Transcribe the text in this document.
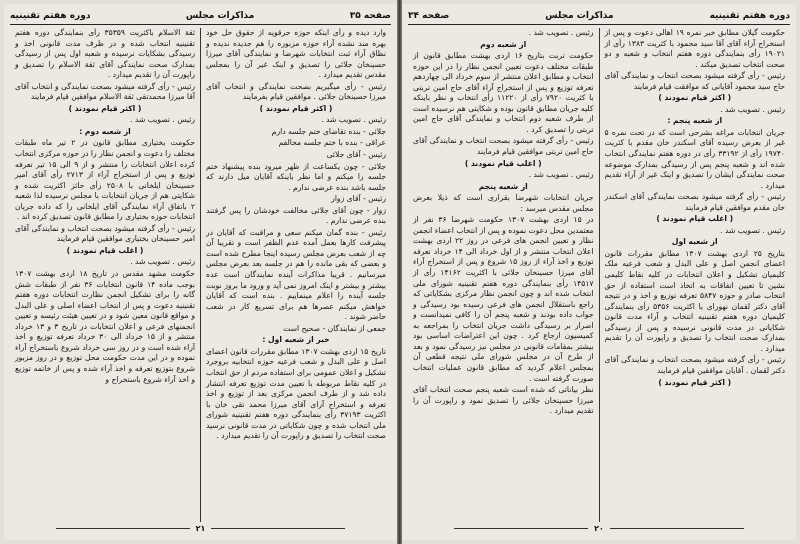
صفحه ۳۵
مذاکرات مجلس
دوره هفتم تقنينيه

وارد دیده و رأی اینکه حوزه جرقویه از حقوق حل خود بهره مند نشده آراء حوزه مزبوره را هم جدیده ندیده و نظاق آراء ثبت انتخابات شهرضا و نمایندگی آقای میرزا حسینخان جلائی را تصدیق و اینک غیر آن را بمجلس مقدس تقدیم میدارد .

رئیس - رأی میگیریم بصحت نمایندگی و انتخاب آقای میرزا حسینخان جلائی . موافقین قیام بفرمایند

( اکثر قیام نمودند )

رئیس . تصویب شد .

جلائی - بنده تقاضای ختم جلسه دارم

عراقی - بنده با ختم جلسه مخالفم

رئیس - آقای جلائی

جلائی - چون یکساعت از ظهر میرود بنده پیشنهاد ختم جلسه را میکنم و اما نظر باینکه آقایان میل دارند که جلسه باشد بنده عرضی ندارم .

رئیس - آقای زوار

زوار - چون آقای جلائی مخالفت خودشان را پس گرفتند بنده عرضی ندارم .

رئیس - بنده گمان میکنم سعی و مراقبت که آقایان در پیشرفت کارها بعمل آمده عدم الظفر است و تقریبا آن چه از شعب بعرض مجلس رسیده اینجا مطرح شده است و بعضی که بقی مانده را هم در جلسه بعد بعرض مجلس میرسانیم . قریبا مذاکرات آینده نمایندگان است عده بیشتر و بیشتر و اینک امروز نمی آید و ورود ما بروز نوبت جلسه آینده را اعلام مینماییم . بنده است که آقایان خواهش میکنم عصرها هم برای تسریع کار در شعب حاضر شوند .

جمعی از نمایندگان - صحیح است

خبر از شعبه اول :

تاریخ ۱۵ اردی بهشت ۱۳۰۷ مطابق مقررات قانون اعضای اصل و علی البدل و شعب فرعیه حوزه انتخابیه بروجرد تشکیل و اعلان عمومی برای استفاده مردم از حق انتخاب در کلیه نقاط مربوطه با تعیین مدت توزیع تعرفه انتشار داده شد و از طرف انجمن مرکزی بعد از توزیع و اخذ تعرفه و استخراج آرای آقای میرزا محمد تقی خان با اکثریت ۳۷۱۹۳ رأی بنمایندگی دوره هفتم تقنینیه شورای ملی انتخاب شده و چون شکایاتی در مدت قانونی نرسید صحت انتخاب را تصدیق و راپورت آن را تقدیم میدارد .

ثقة الاسلام باکثریت ۳۵۳۵۹ رأی بنمایندگی دوره هفتم تقنینیه انتخاب شده و در ظرف مدت قانونی اخذ و رسیدگی بشکایات نرسیده و شعبه اول پس از رسیدگی بمدارک صحت نمایندگی آقای ثقة الاسلام را تصدیق و راپورت آن را تقدیم میدارد .

رئیس - رأی گرفته میشود بصحت نمایندگی و انتخاب آقای آقا میرزا محمدتقی ثقة الاسلام موافقین قیام فرمایند

( اکثر قیام نمودند )

رئیس . تصویب شد .

از شعبه دوم :

حکومت بختیاری مطابق قانون در ۲ تیر ماه طبقات مختلف را دعوت و انجمن نظار را در حوزه مرکزی انتخاب کرده اعلان انتخابات را منتشر و از ۹ الی ۱۵ تیر تعرفه توزیع و پس از استخراج آراء از ۲۷۱۳ رأی آقای امیر حسینخان ایلخانی با ۲۵۰۸ رأی حائز اکثریت شده و شکایتی هم از جریان انتخابات با مجلس نرسیده لذا شعبه ۲ باتفاق آراء نمایندگی آقای ایلخانی را که داده جریان انتخابات حوزه بختیاری را مطابق قانون تصدیق کرده اند .

رئیس - رأی گرفته میشود بصحت انتخاب و نمایندگی آقای امیر حسینخان بختیاری موافقین قیام فرمایند

( اغلب قیام نمودند )

رئیس . تصویب شد .

حکومت مشهد مقدس در تاریخ ۱۸ اردی بهشت ۱۳۰۷ بوجب ماده ۱۴ قانون انتخابات ۳۶ نفر از طبقات شش گانه را برای تشکیل انجمن نظارت انتخابات دوره هفتم تقنینیه دعوت و پس از انتخاب اعضاء اصلی و علی البدل و مواقع قانون معین شود و در تعیین هیئت رئیسه و تعیین انجمنهای فرعی و اعلان انتخابات در تاریخ ۳ و ۱۳ خرداد منتشر و از ۱۵ خرداد الی ۳۰ خرداد تعرفه توزیع و اخذ آراء شده است و در روز سی خرداد شروع باستخراج آراء نموده و در این مدت حکومت محل توزیع و در روز مزبور شروع بتوزیع تعرفه و اخذ آراء شده و پس از خاتمه توزیع و اخذ آراء شروع باستخراج و

۲۱
دوره هفتم تقنينيه
مذاکرات مجلس
صفحه ۳۴

حکومت گیلان مطابق خبر نمره ۱۹ اهالی دعوت و پس از استخراج آراء آقای آقا سید محمود با کثریت ۱۳۸۳ رأی از ۱۹۰۲۱ رأی بنمایندگی دوره هفتم انتخاب و شعبه و دو صحت انتخاب تصدیق میکند .

رئیس - رأی گرفته میشود بصحت انتخاب و نمایندگی آقای حاج سید محمود آقایانی که موافقت قیام فرمایند

( اکثر قیام نمودند )

رئیس . تصویب شد .

از شعبه پنجم :

جریان انتخابات مراغه بشرحی است که در تحت نمره ۵ غیر از بعرض رسیده آقای اسکندر خان مقدم با کثریت ۱۹۷۴۰ رأی از ۳۳۱۹۲ رأی در دوره هفتم نمایندگی انتخاب شده اند و شعبه پنجم پس از رسیدگی بمدارک موضوعه صحت نمایندگی ایشان را تصدیق و اینک غیر از آراء تقدیم میدارد .

رئیس - رأی گرفته میشود بصحت نمایندگی آقای اسکندر خان مقدم موافقین قیام فرمایند

( اغلب قیام نمودند )

رئیس . تصویب شد .

از شعبه اول

بتاریخ ۲۵ اردی بهشت ۱۳۰۷ مطابق مقررات قانون اعضای انجمن اصل و علی البدل و شعب فرعیه ملک کلیمیان تشکیل و اعلان انتخابات در کلیه نقاط کلیمی نشین تا تعیین اتفاقات به اتخاذ است استفاده از حق انتخاب صادر و حوزه ۵۸۴۷ تعرفه توزیع و اخذ و در نتیجه آقای دکتر لقمان نهورای با اکثریت ۵۳۵۶ رأی بنمایندگی کلیمیان دوره هفتم تقنینیه انتخاب و آراء مدت قانون شکایاتی در مدت قانونی نرسیده و پس از رسیدگی بمدارک صحت انتخاب را تصدیق و راپورت آن را تقدیم میدارد .

رئیس - رأی گرفته میشود بصحت انتخاب و نمایندگی آقای دکتر لقمان . آقایان موافقین قیام فرمایند

( اکثر قیام نمودند )

رئیس . تصویب شد .

از شعبه دوم

حکومت تربت بتاریخ ۱۶ اردی بهشت مطابق قانون از طبقات مختلف دعوت تعیین انجمن نظار را در این حوزه انتخاب و مطابق اعلان منتشر از سوم خرداد الی چهاردهم تعرفه توزیع و پس از استخراج آراء آقای حاج امین تربتی با کثریت ۷۹۲۰ رأی از ۱۱۲۲۰ رأی انتخاب و نظر باینکه کلیه جریان مطابق قانون بوده و شکایتی هم نرسیده است از طرف شعبه دوم انتخاب و نمایندگی آقای حاج امین تربتی را تصدیق کرد .

رئیس - رأی گرفته میشود بصحت انتخاب و نمایندگی آقای حاج امین تربتی موافقین قیام فرمایند

( اغلب قیام نمودند )

رئیس . تصویب شد .

از شعبه پنجم

جریان انتخابات شهرضا بقراری است که ذیلا بعرض مجلس مقدس میرسد :

در ۱۵ اردی بهشت ۱۳۰۷ حکومت شهرضا ۳۶ نفر از معتمدین محل دعوت نموده و پس از انتخاب اعضاء انجمن نظار و تعیین انجمن های فرعی در روز ۲۲ اردی بهشت اعلان انتخاب منتشر و از اول خرداد الی ۱۴ خرداد تعرفه توزیع و اخذ آراء از روز ۱۵ شروع و پس از استخراج آراء آقای میرزا حسینخان جلائی با اکثریت ۱۴۱۶۲ رأی از ۱۴۵۱۷ رأی بنمایندگی دوره هفتم تقنینیه شورای ملی انتخاب شده اند و چون انجمن نظار مرکزی بشکایاتی که راجع باستقلال انجمن های فرعی رسیده بود رسیدگی و جواب داده بودند و شعبه پنجم آن را کافی نمیدانست و اصرار بر رسیدگی داشت جریان انتخاب را بمراجعه به کمیسیون ارجاع کرد . چون این اعتراضات اساسی بود بیشتر بمقامات قانونی در مجلس نیز رسیدگی نمود و بعد از طرح آن در مجلس شورای ملی نتیجه قطعی آن بمجلس اعلام گردید که مطابق قانون عملیات انتخاب صورت گرفته است .

نظر بیاناتی که شده است شعبه پنجم صحت انتخاب آقای میرزا حسینخان جلائی را تصدیق نمود و راپورت آن را تقدیم میدارد .

۲۰
